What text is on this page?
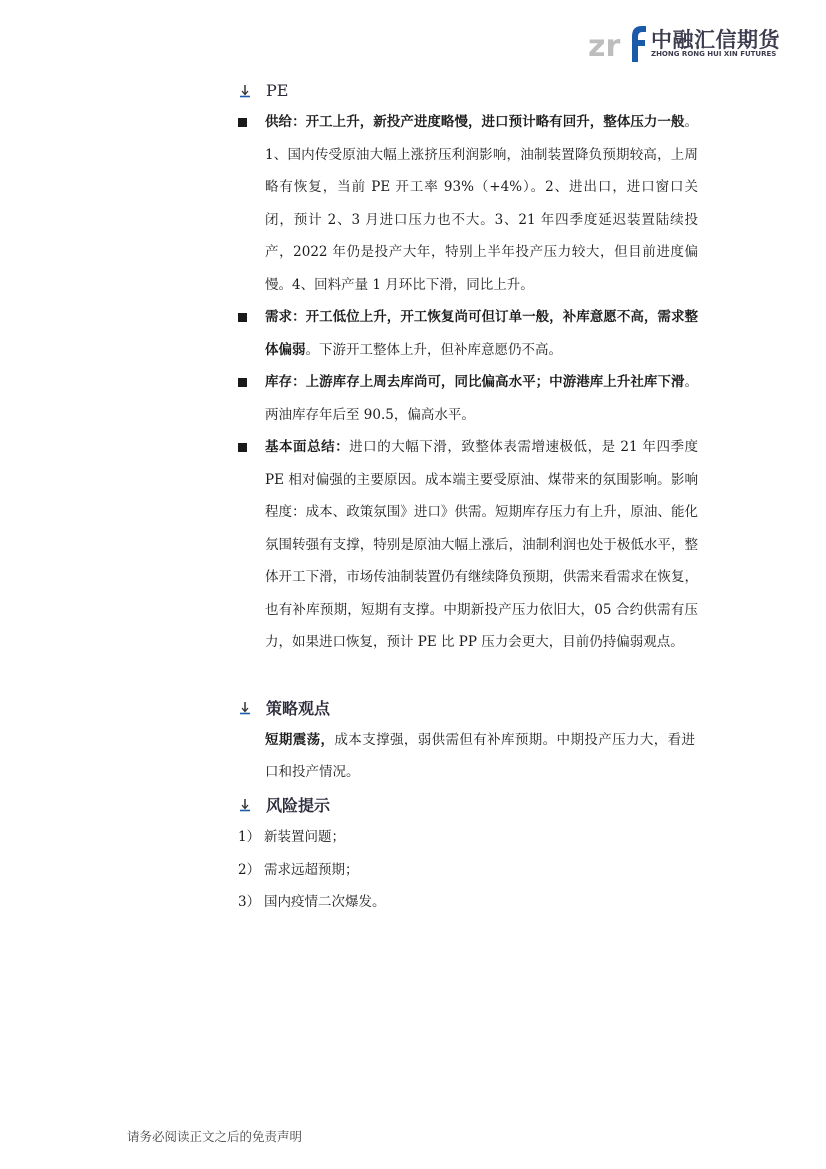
zr 中融汇信期货
ZHONG RONG HUI XIN FUTURES
PE
供给：开工上升，新投产进度略慢，进口预计略有回升，整体压力一般。1、国内传受原油大幅上涨挤压利润影响，油制装置降负预期较高，上周略有恢复，当前 PE 开工率 93%（+4%）。2、进出口，进口窗口关闭，预计 2、3 月进口压力也不大。3、21 年四季度延迟装置陆续投产，2022 年仍是投产大年，特别上半年投产压力较大，但目前进度偏慢。4、回料产量 1 月环比下滑，同比上升。
需求：开工低位上升，开工恢复尚可但订单一般，补库意愿不高，需求整体偏弱。下游开工整体上升，但补库意愿仍不高。
库存：上游库存上周去库尚可，同比偏高水平；中游港库上升社库下滑。两油库存年后至 90.5，偏高水平。
基本面总结：进口的大幅下滑，致整体表需增速极低，是 21 年四季度 PE 相对偏强的主要原因。成本端主要受原油、煤带来的氛围影响。影响程度：成本、政策氛围》进口》供需。短期库存压力有上升，原油、能化氛围转强有支撑，特别是原油大幅上涨后，油制利润也处于极低水平，整体开工下滑，市场传油制装置仍有继续降负预期，供需来看需求在恢复，也有补库预期，短期有支撑。中期新投产压力依旧大，05 合约供需有压力，如果进口恢复，预计 PE 比 PP 压力会更大，目前仍持偏弱观点。
策略观点
短期震荡，成本支撑强，弱供需但有补库预期。中期投产压力大，看进口和投产情况。
风险提示
1） 新装置问题；
2） 需求远超预期；
3） 国内疫情二次爆发。
请务必阅读正文之后的免责声明
